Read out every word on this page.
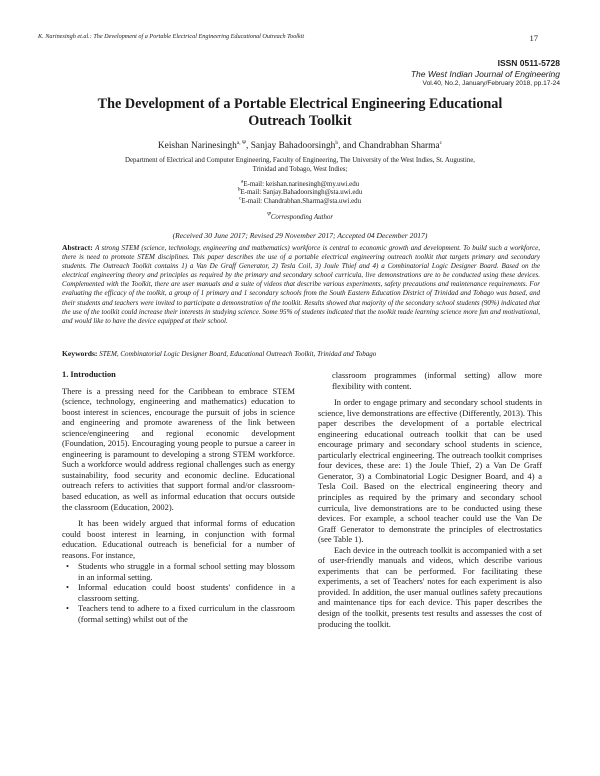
K. Narinesingh et.al.: The Development of a Portable Electrical Engineering Educational Outreach Toolkit	17
ISSN 0511-5728
The West Indian Journal of Engineering
Vol.40, No.2, January/February 2018, pp.17-24
The Development of a Portable Electrical Engineering Educational
Outreach Toolkit
Keishan Narinesingh$^{a, \Psi}$, Sanjay Bahadoorsingh$^b$, and Chandrabhan Sharma$^c$
Department of Electrical and Computer Engineering, Faculty of Engineering, The University of the West Indies, St. Augustine,
Trinidad and Tobago, West Indies;
$^a$E-mail: keishan.narinesingh@my.uwi.edu
$^b$E-mail: Sanjay.Bahadoorsingh@sta.uwi.edu
$^c$E-mail: Chandrabhan.Sharma@sta.uwi.edu
$^\Psi$Corresponding Author
(Received 30 June 2017; Revised 29 November 2017; Accepted 04 December 2017)
Abstract: A strong STEM (science, technology, engineering and mathematics) workforce is central to economic growth and development. To build such a workforce, there is need to promote STEM disciplines. This paper describes the use of a portable electrical engineering outreach toolkit that targets primary and secondary students. The Outreach Toolkit contains 1) a Van De Graff Generator, 2) Tesla Coil, 3) Joule Thief and 4) a Combinatorial Logic Designer Board. Based on the electrical engineering theory and principles as required by the primary and secondary school curricula, live demonstrations are to be conducted using these devices. Complemented with the Toolkit, there are user manuals and a suite of videos that describe various experiments, safety precautions and maintenance requirements. For evaluating the efficacy of the toolkit, a group of 1 primary and 1 secondary schools from the South Eastern Education District of Trinidad and Tobago was based, and their students and teachers were invited to participate a demonstration of the toolkit. Results showed that majority of the secondary school students (90%) indicated that the use of the toolkit could increase their interests in studying science. Some 95% of students indicated that the toolkit made learning science more fun and motivational, and would like to have the device equipped at their school.
Keywords: STEM, Combinatorial Logic Designer Board, Educational Outreach Toolkit, Trinidad and Tobago
1. Introduction

There is a pressing need for the Caribbean to embrace STEM (science, technology, engineering and mathematics) education to boost interest in sciences, encourage the pursuit of jobs in science and engineering and promote awareness of the link between science/engineering and regional economic development (Foundation, 2015). Encouraging young people to pursue a career in engineering is paramount to developing a strong STEM workforce. Such a workforce would address regional challenges such as energy sustainability, food security and economic decline. Educational outreach refers to activities that support formal and/or classroom-based education, as well as informal education that occurs outside the classroom (Education, 2002).

It has been widely argued that informal forms of education could boost interest in learning, in conjunction with formal education. Educational outreach is beneficial for a number of reasons. For instance,

• Students who struggle in a formal school setting may blossom in an informal setting.
• Informal education could boost students' confidence in a classroom setting.
• Teachers tend to adhere to a fixed curriculum in the classroom (formal setting) whilst out of the

classroom programmes (informal setting) allow more flexibility with content.

In order to engage primary and secondary school students in science, live demonstrations are effective (Differently, 2013). This paper describes the development of a portable electrical engineering educational outreach toolkit that can be used encourage primary and secondary school students in science, particularly electrical engineering. The outreach toolkit comprises four devices, these are: 1) the Joule Thief, 2) a Van De Graff Generator, 3) a Combinatorial Logic Designer Board, and 4) a Tesla Coil. Based on the electrical engineering theory and principles as required by the primary and secondary school curricula, live demonstrations are to be conducted using these devices. For example, a school teacher could use the Van De Graff Generator to demonstrate the principles of electrostatics (see Table 1).

Each device in the outreach toolkit is accompanied with a set of user-friendly manuals and videos, which describe various experiments that can be performed. For facilitating these experiments, a set of Teachers' notes for each experiment is also provided. In addition, the user manual outlines safety precautions and maintenance tips for each device. This paper describes the design of the toolkit, presents test results and assesses the cost of producing the toolkit.
